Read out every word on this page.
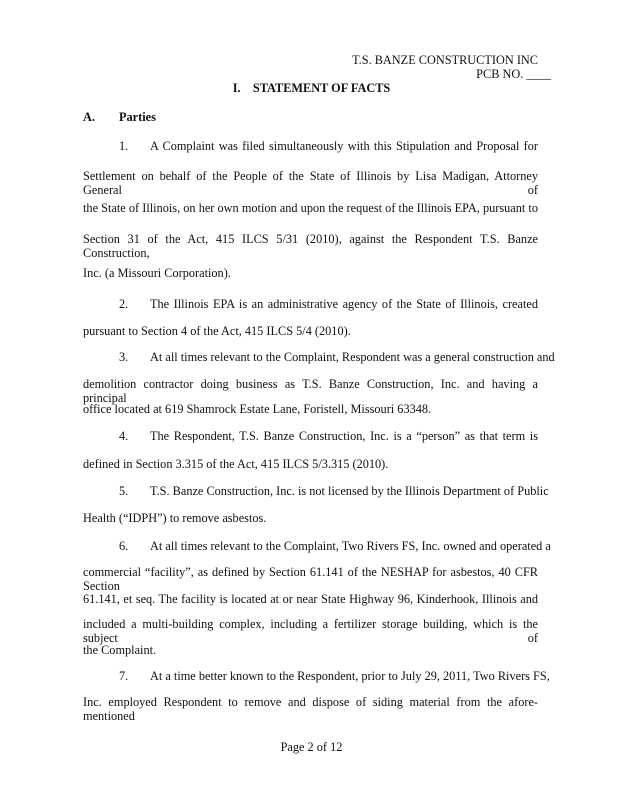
T.S. BANZE CONSTRUCTION INC
PCB NO. ____
I.    STATEMENT OF FACTS
A. Parties
1. A Complaint was filed simultaneously with this Stipulation and Proposal for
Settlement on behalf of the People of the State of Illinois by Lisa Madigan, Attorney General of
the State of Illinois, on her own motion and upon the request of the Illinois EPA, pursuant to
Section 31 of the Act, 415 ILCS 5/31 (2010), against the Respondent T.S. Banze Construction,
Inc. (a Missouri Corporation).
2. The Illinois EPA is an administrative agency of the State of Illinois, created
pursuant to Section 4 of the Act, 415 ILCS 5/4 (2010).
3. At all times relevant to the Complaint, Respondent was a general construction and
demolition contractor doing business as T.S. Banze Construction, Inc. and having a principal
office located at 619 Shamrock Estate Lane, Foristell, Missouri 63348.
4. The Respondent, T.S. Banze Construction, Inc. is a “person” as that term is
defined in Section 3.315 of the Act, 415 ILCS 5/3.315 (2010).
5. T.S. Banze Construction, Inc. is not licensed by the Illinois Department of Public
Health (“IDPH”) to remove asbestos.
6. At all times relevant to the Complaint, Two Rivers FS, Inc. owned and operated a
commercial “facility”, as defined by Section 61.141 of the NESHAP for asbestos, 40 CFR Section
61.141, et seq. The facility is located at or near State Highway 96, Kinderhook, Illinois and
included a multi-building complex, including a fertilizer storage building, which is the subject of
the Complaint.
7. At a time better known to the Respondent, prior to July 29, 2011, Two Rivers FS,
Inc. employed Respondent to remove and dispose of siding material from the afore-mentioned
Page 2 of 12
